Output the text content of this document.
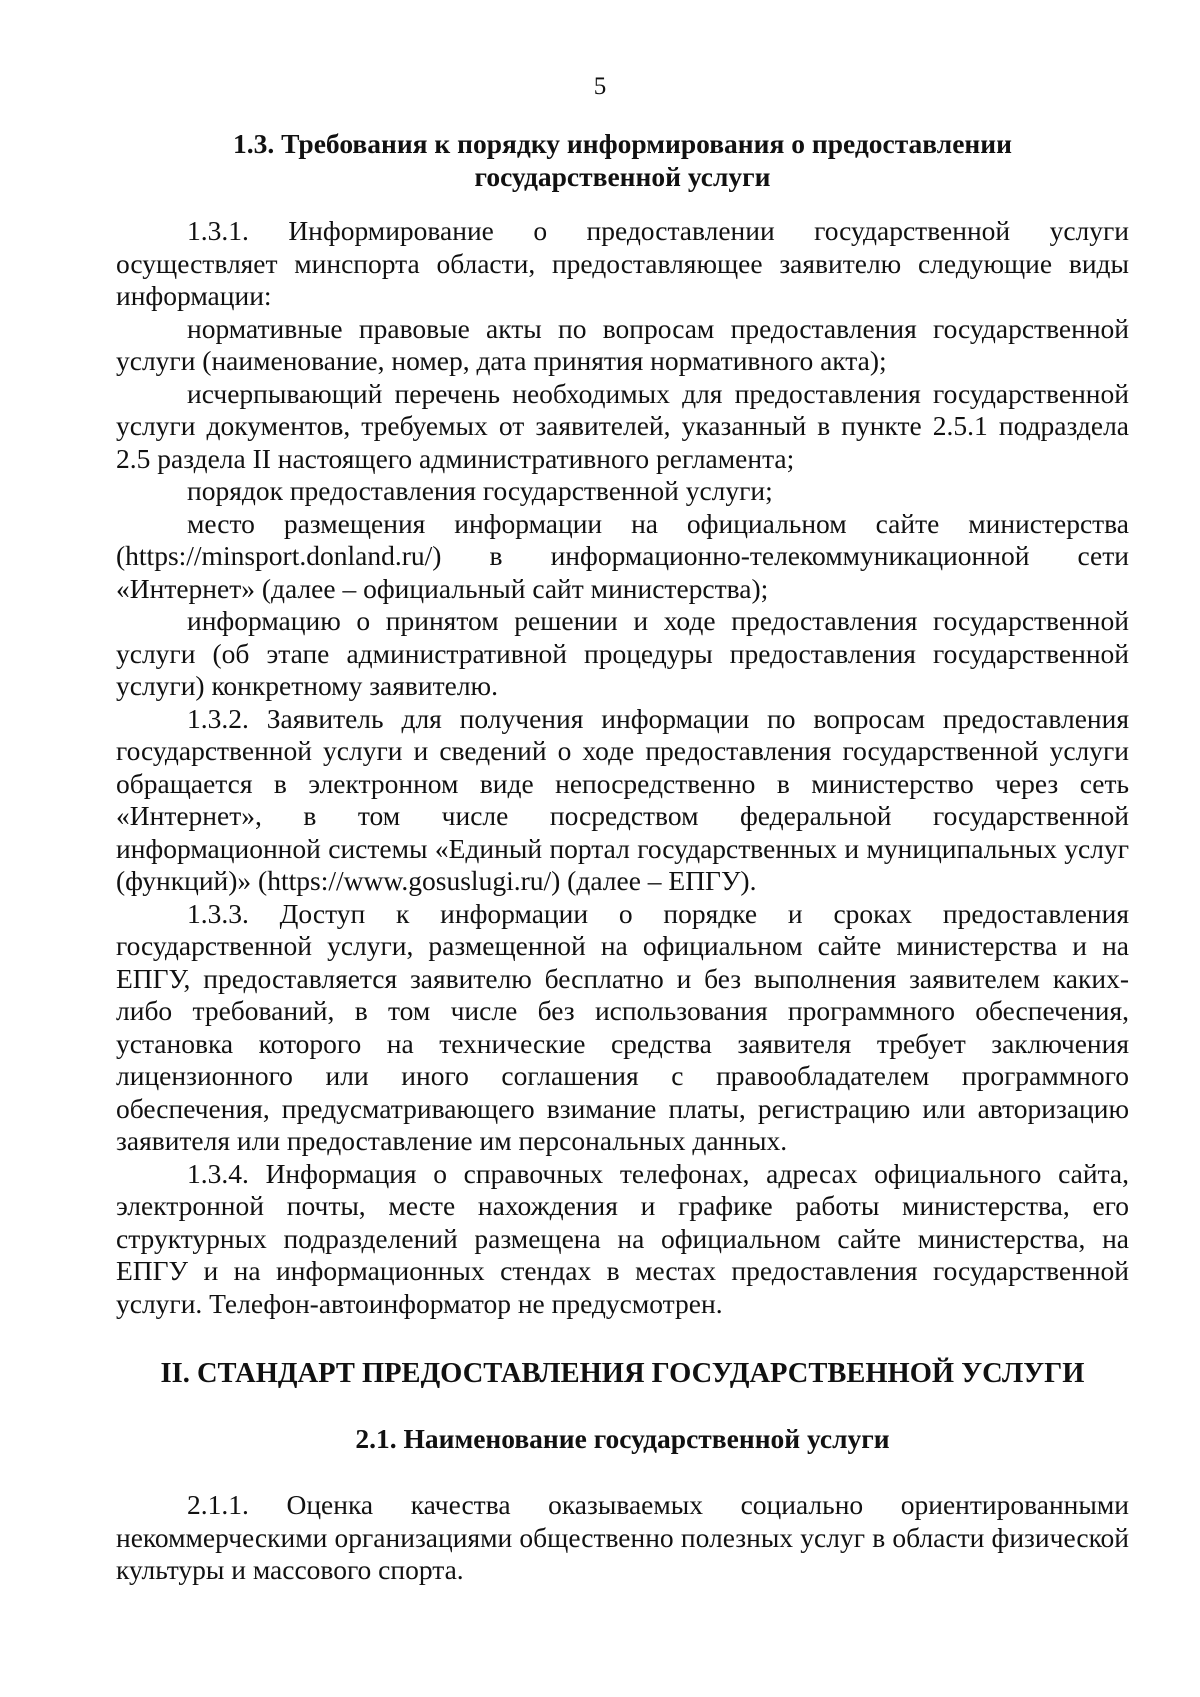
5

1.3. Требования к порядку информирования о предоставлении государственной услуги

1.3.1. Информирование о предоставлении государственной услуги осуществляет минспорта области, предоставляющее заявителю следующие виды информации:

нормативные правовые акты по вопросам предоставления государственной услуги (наименование, номер, дата принятия нормативного акта);

исчерпывающий перечень необходимых для предоставления государственной услуги документов, требуемых от заявителей, указанный в пункте 2.5.1 подраздела 2.5 раздела II настоящего административного регламента;

порядок предоставления государственной услуги;

место размещения информации на официальном сайте министерства (https://minsport.donland.ru/) в информационно-телекоммуникационной сети «Интернет» (далее – официальный сайт министерства);

информацию о принятом решении и ходе предоставления государственной услуги (об этапе административной процедуры предоставления государственной услуги) конкретному заявителю.

1.3.2. Заявитель для получения информации по вопросам предоставления государственной услуги и сведений о ходе предоставления государственной услуги обращается в электронном виде непосредственно в министерство через сеть «Интернет», в том числе посредством федеральной государственной информационной системы «Единый портал государственных и муниципальных услуг (функций)» (https://www.gosuslugi.ru/) (далее – ЕПГУ).

1.3.3. Доступ к информации о порядке и сроках предоставления государственной услуги, размещенной на официальном сайте министерства и на ЕПГУ, предоставляется заявителю бесплатно и без выполнения заявителем каких-либо требований, в том числе без использования программного обеспечения, установка которого на технические средства заявителя требует заключения лицензионного или иного соглашения с правообладателем программного обеспечения, предусматривающего взимание платы, регистрацию или авторизацию заявителя или предоставление им персональных данных.

1.3.4. Информация о справочных телефонах, адресах официального сайта, электронной почты, месте нахождения и графике работы министерства, его структурных подразделений размещена на официальном сайте министерства, на ЕПГУ и на информационных стендах в местах предоставления государственной услуги. Телефон-автоинформатор не предусмотрен.

II. СТАНДАРТ ПРЕДОСТАВЛЕНИЯ ГОСУДАРСТВЕННОЙ УСЛУГИ

2.1. Наименование государственной услуги

2.1.1. Оценка качества оказываемых социально ориентированными некоммерческими организациями общественно полезных услуг в области физической культуры и массового спорта.
